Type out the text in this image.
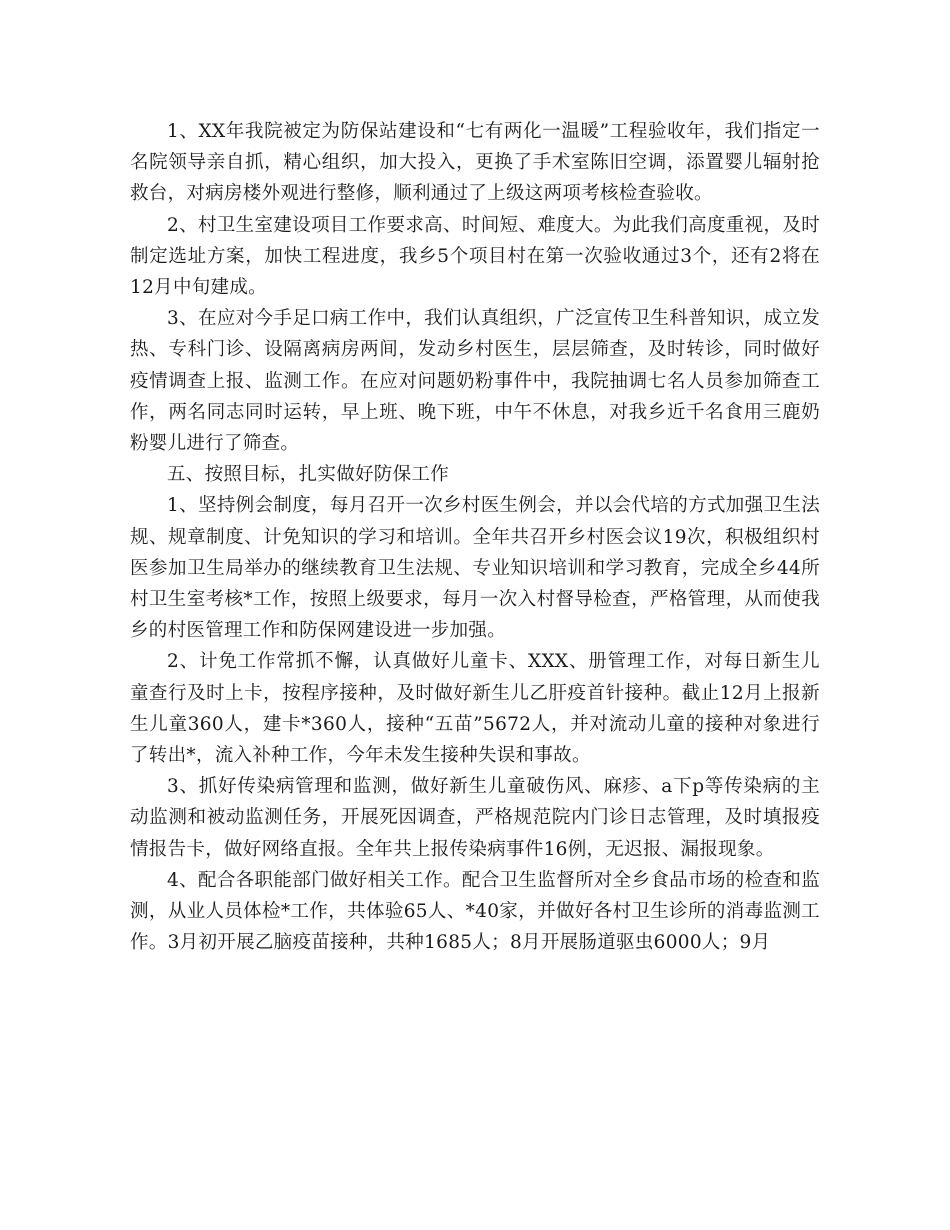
1、XX年我院被定为防保站建设和“七有两化一温暖”工程验收年，我们指定一名院领导亲自抓，精心组织，加大投入，更换了手术室陈旧空调，添置婴儿辐射抢救台，对病房楼外观进行整修，顺利通过了上级这两项考核检查验收。

2、村卫生室建设项目工作要求高、时间短、难度大。为此我们高度重视，及时制定选址方案，加快工程进度，我乡5个项目村在第一次验收通过3个，还有2将在12月中旬建成。

3、在应对今手足口病工作中，我们认真组织，广泛宣传卫生科普知识，成立发热、专科门诊、设隔离病房两间，发动乡村医生，层层筛查，及时转诊，同时做好疫情调查上报、监测工作。在应对问题奶粉事件中，我院抽调七名人员参加筛查工作，两名同志同时运转，早上班、晚下班，中午不休息，对我乡近千名食用三鹿奶粉婴儿进行了筛查。

五、按照目标，扎实做好防保工作

1、坚持例会制度，每月召开一次乡村医生例会，并以会代培的方式加强卫生法规、规章制度、计免知识的学习和培训。全年共召开乡村医会议19次，积极组织村医参加卫生局举办的继续教育卫生法规、专业知识培训和学习教育，完成全乡44所村卫生室考核*工作，按照上级要求，每月一次入村督导检查，严格管理，从而使我乡的村医管理工作和防保网建设进一步加强。

2、计免工作常抓不懈，认真做好儿童卡、XXX、册管理工作，对每日新生儿童查行及时上卡，按程序接种，及时做好新生儿乙肝疫首针接种。截止12月上报新生儿童360人，建卡*360人，接种“五苗”5672人，并对流动儿童的接种对象进行了转出*，流入补种工作，今年未发生接种失误和事故。

3、抓好传染病管理和监测，做好新生儿童破伤风、麻疹、a下p等传染病的主动监测和被动监测任务，开展死因调查，严格规范院内门诊日志管理，及时填报疫情报告卡，做好网络直报。全年共上报传染病事件16例，无迟报、漏报现象。

4、配合各职能部门做好相关工作。配合卫生监督所对全乡食品市场的检查和监测，从业人员体检*工作，共体验65人、*40家，并做好各村卫生诊所的消毒监测工作。3月初开展乙脑疫苗接种，共种1685人；8月开展肠道驱虫6000人；9月
